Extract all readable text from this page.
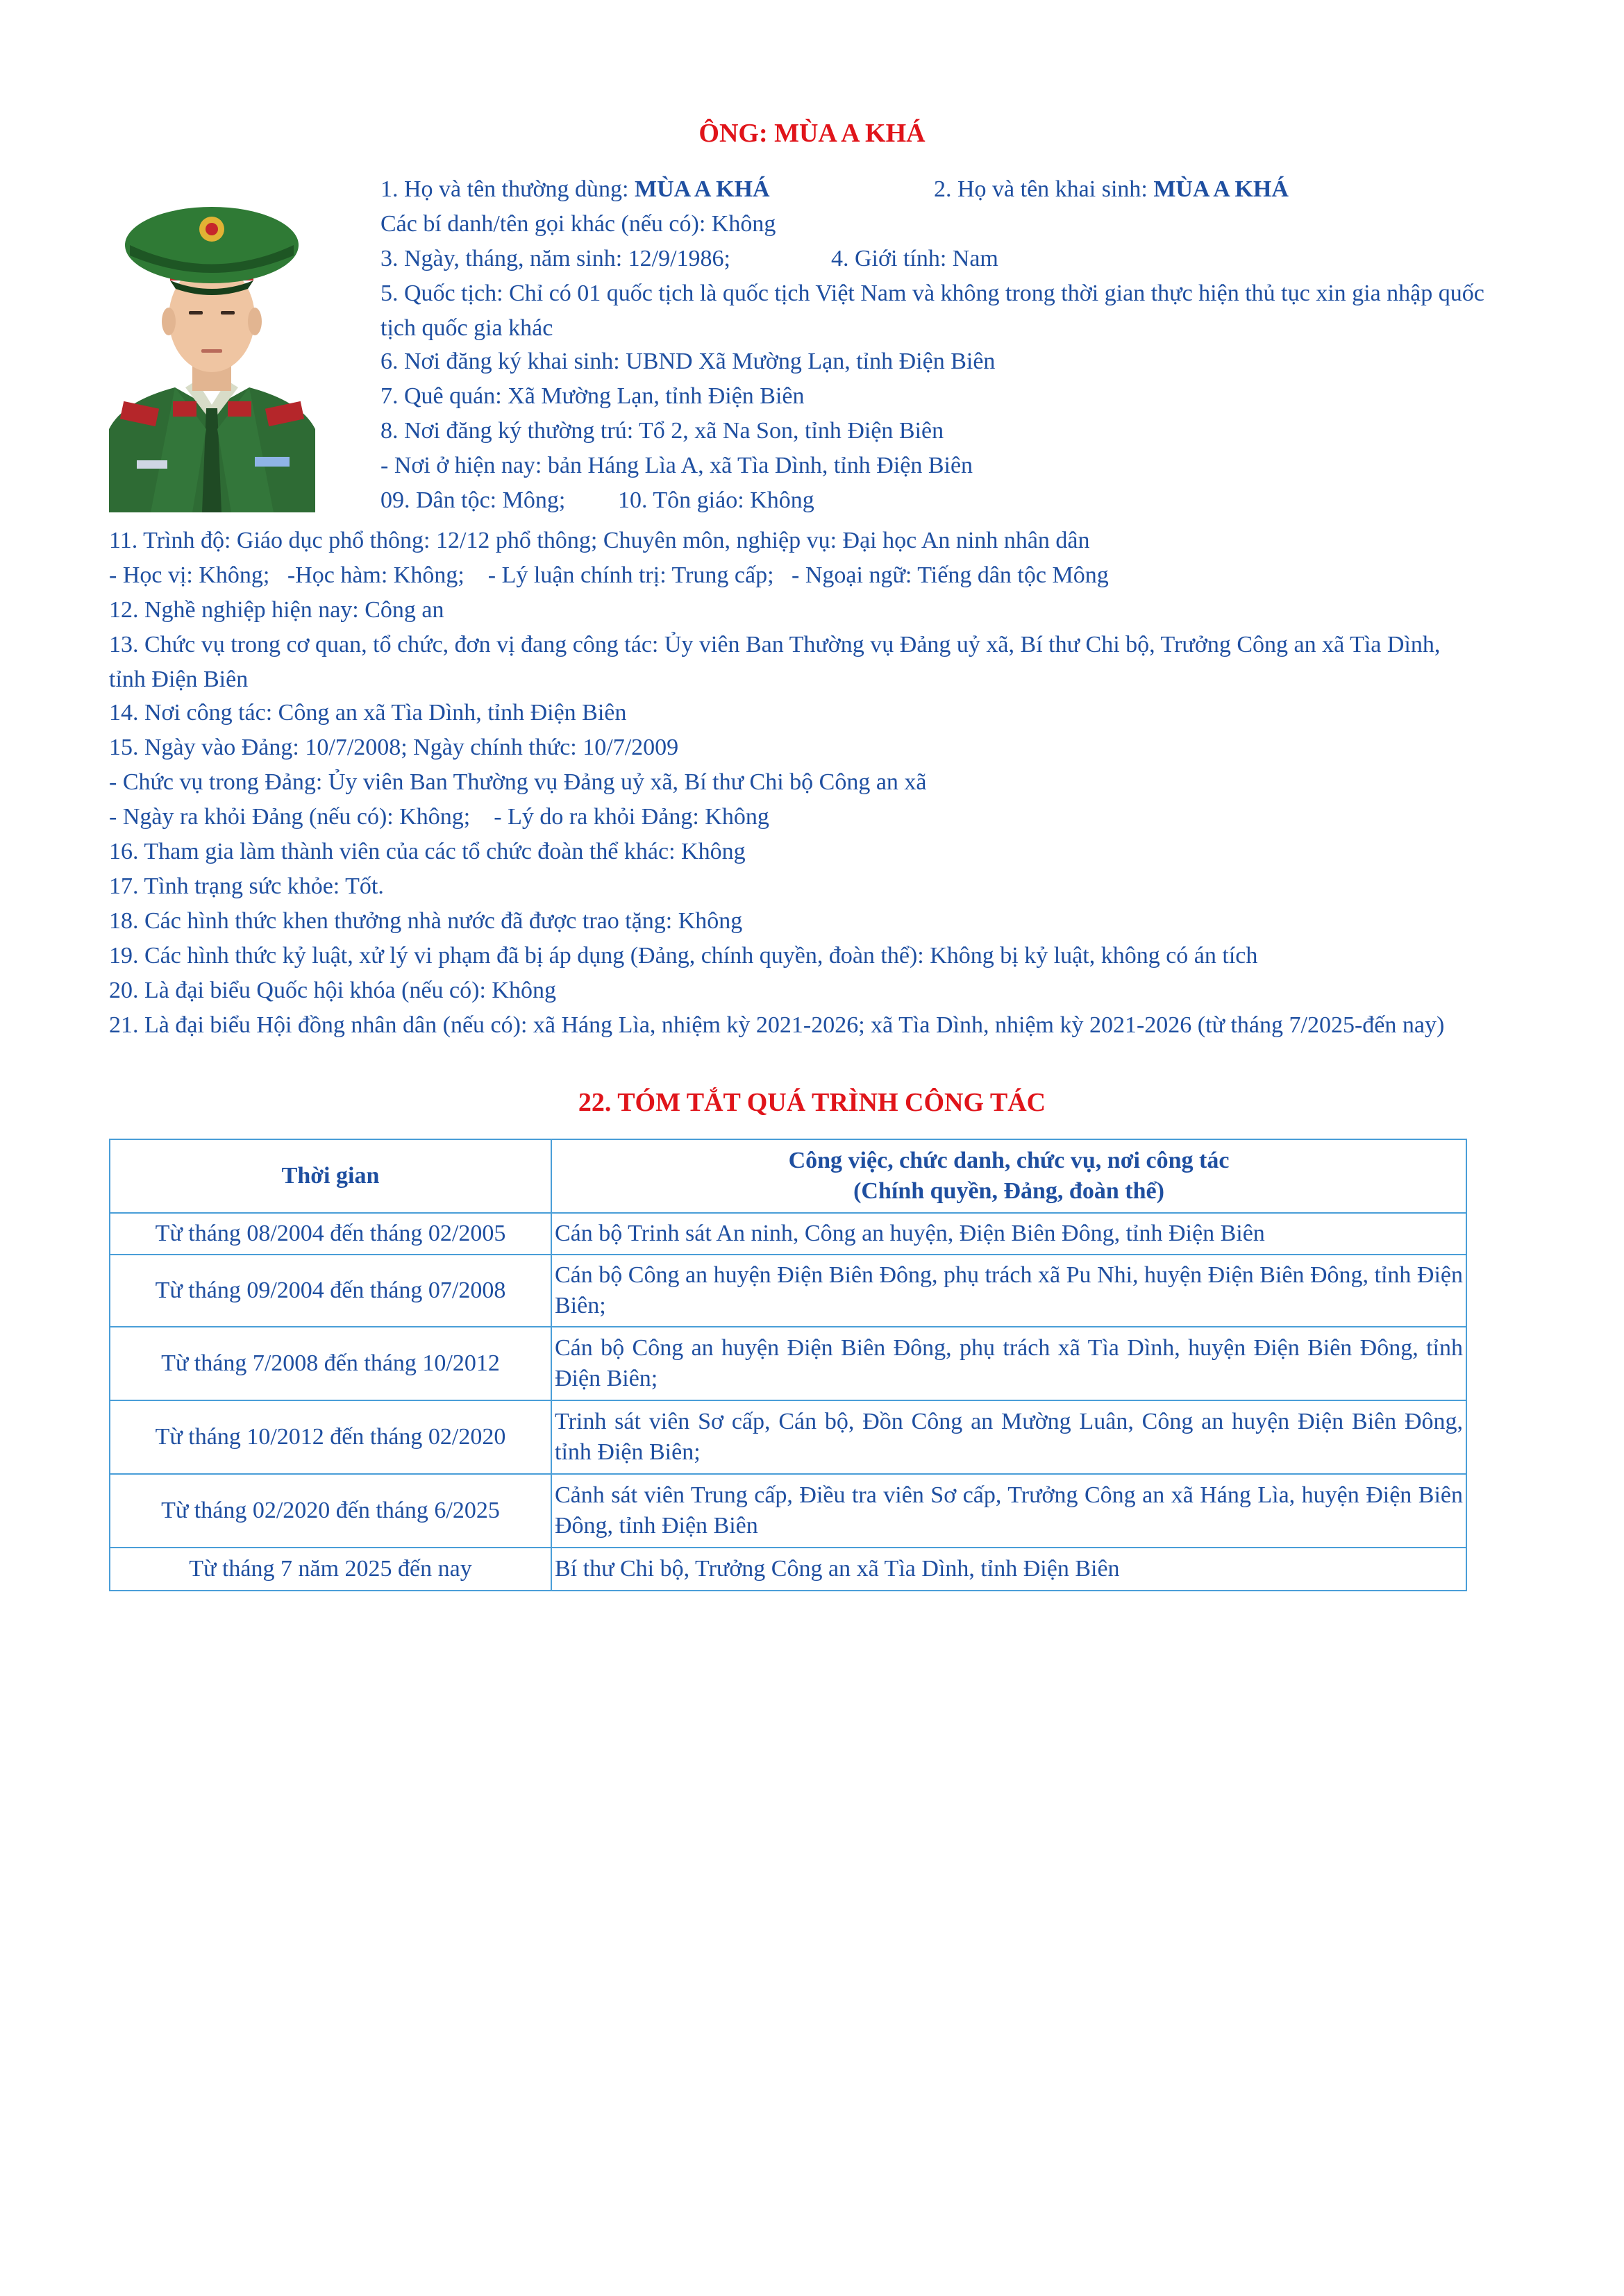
ÔNG: MÙA A KHÁ
1. Họ và tên thường dùng: MÙA A KHÁ	2. Họ và tên khai sinh: MÙA A KHÁ
Các bí danh/tên gọi khác (nếu có): Không
3. Ngày, tháng, năm sinh: 12/9/1986;	4. Giới tính: Nam
5. Quốc tịch: Chỉ có 01 quốc tịch là quốc tịch Việt Nam và không trong thời gian thực hiện thủ tục xin gia nhập quốc tịch quốc gia khác
6. Nơi đăng ký khai sinh: UBND Xã Mường Lạn, tỉnh Điện Biên
7. Quê quán: Xã Mường Lạn, tỉnh Điện Biên
8. Nơi đăng ký thường trú: Tổ 2, xã Na Son, tỉnh Điện Biên
- Nơi ở hiện nay: bản Háng Lìa A, xã Tìa Dình, tỉnh Điện Biên
09. Dân tộc: Mông; 10. Tôn giáo: Không
11. Trình độ: Giáo dục phổ thông: 12/12 phổ thông; Chuyên môn, nghiệp vụ: Đại học An ninh nhân dân
- Học vị: Không;   -Học hàm: Không;    - Lý luận chính trị: Trung cấp;   - Ngoại ngữ: Tiếng dân tộc Mông
12. Nghề nghiệp hiện nay: Công an
13. Chức vụ trong cơ quan, tổ chức, đơn vị đang công tác: Ủy viên Ban Thường vụ Đảng uỷ xã, Bí thư Chi bộ, Trưởng Công an xã Tìa Dình, tỉnh Điện Biên
14. Nơi công tác: Công an xã Tìa Dình, tỉnh Điện Biên
15. Ngày vào Đảng: 10/7/2008; Ngày chính thức: 10/7/2009
- Chức vụ trong Đảng: Ủy viên Ban Thường vụ Đảng uỷ xã, Bí thư Chi bộ Công an xã
- Ngày ra khỏi Đảng (nếu có): Không;    - Lý do ra khỏi Đảng: Không
16. Tham gia làm thành viên của các tổ chức đoàn thể khác: Không
17. Tình trạng sức khỏe: Tốt.
18. Các hình thức khen thưởng nhà nước đã được trao tặng: Không
19. Các hình thức kỷ luật, xử lý vi phạm đã bị áp dụng (Đảng, chính quyền, đoàn thể): Không bị kỷ luật, không có án tích
20. Là đại biểu Quốc hội khóa (nếu có): Không
21. Là đại biểu Hội đồng nhân dân (nếu có): xã Háng Lìa, nhiệm kỳ 2021-2026; xã Tìa Dình, nhiệm kỳ 2021-2026 (từ tháng 7/2025-đến nay)
22. TÓM TẮT QUÁ TRÌNH CÔNG TÁC
Thời gian	Công việc, chức danh, chức vụ, nơi công tác
(Chính quyền, Đảng, đoàn thể)

Từ tháng 08/2004 đến tháng 02/2005	Cán bộ Trinh sát An ninh, Công an huyện, Điện Biên Đông, tỉnh Điện Biên
Từ tháng 09/2004 đến tháng 07/2008	Cán bộ Công an huyện Điện Biên Đông, phụ trách xã Pu Nhi, huyện Điện Biên Đông, tỉnh Điện Biên;
Từ tháng 7/2008 đến tháng 10/2012	Cán bộ Công an huyện Điện Biên Đông, phụ trách xã Tìa Dình, huyện Điện Biên Đông, tỉnh Điện Biên;
Từ tháng 10/2012 đến tháng 02/2020	Trinh sát viên Sơ cấp, Cán bộ, Đồn Công an Mường Luân, Công an huyện Điện Biên Đông, tỉnh Điện Biên;
Từ tháng 02/2020 đến tháng 6/2025	Cảnh sát viên Trung cấp, Điều tra viên Sơ cấp, Trưởng Công an xã Háng Lìa, huyện Điện Biên Đông, tỉnh Điện Biên
Từ tháng 7 năm 2025 đến nay	Bí thư Chi bộ, Trưởng Công an xã Tìa Dình, tỉnh Điện Biên
